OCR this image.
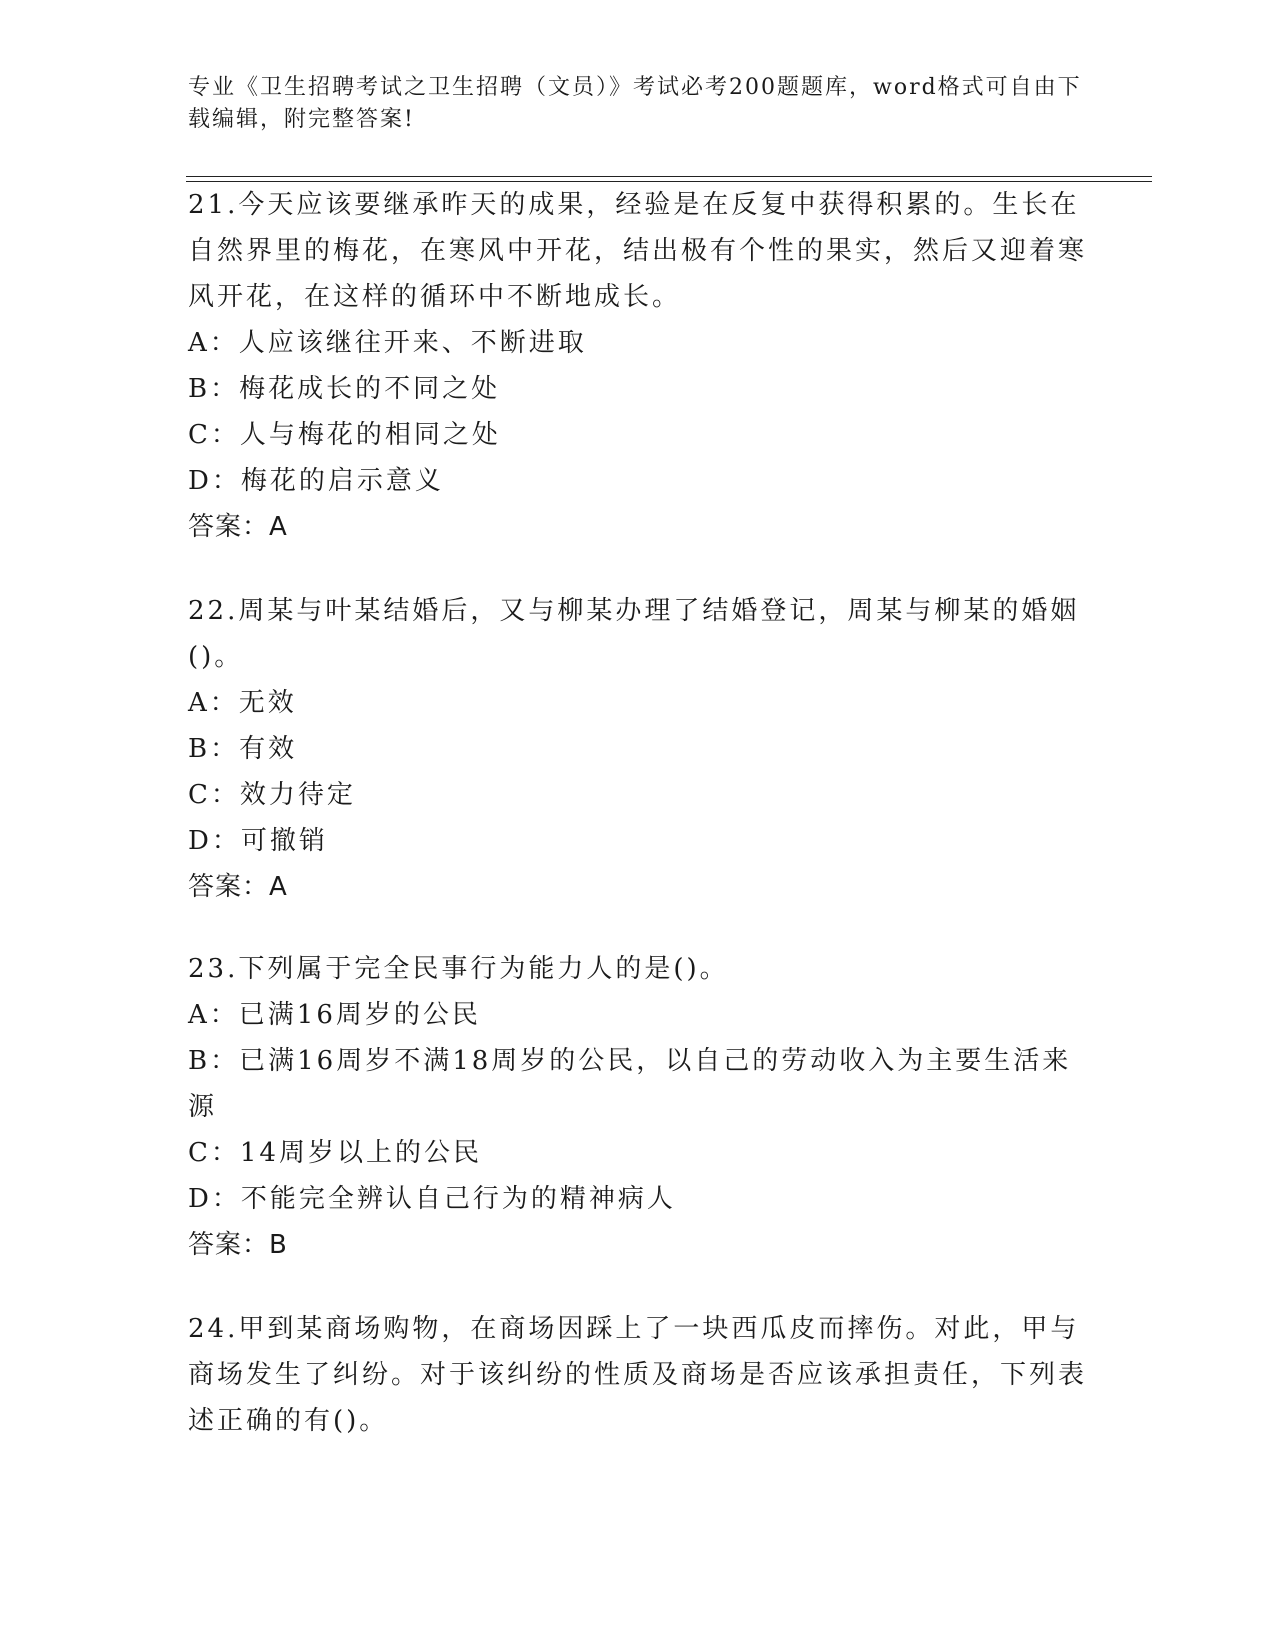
专业《卫生招聘考试之卫生招聘（文员）》考试必考200题题库，word格式可自由下载编辑，附完整答案!
21.今天应该要继承昨天的成果，经验是在反复中获得积累的。生长在自然界里的梅花，在寒风中开花，结出极有个性的果实，然后又迎着寒风开花，在这样的循环中不断地成长。
A：人应该继往开来、不断进取
B：梅花成长的不同之处
C：人与梅花的相同之处
D：梅花的启示意义
答案：A
22.周某与叶某结婚后，又与柳某办理了结婚登记，周某与柳某的婚姻()。
A：无效
B：有效
C：效力待定
D：可撤销
答案：A
23.下列属于完全民事行为能力人的是()。
A：已满16周岁的公民
B：已满16周岁不满18周岁的公民，以自己的劳动收入为主要生活来源
C：14周岁以上的公民
D：不能完全辨认自己行为的精神病人
答案：B
24.甲到某商场购物，在商场因踩上了一块西瓜皮而摔伤。对此，甲与商场发生了纠纷。对于该纠纷的性质及商场是否应该承担责任，下列表述正确的有()。
